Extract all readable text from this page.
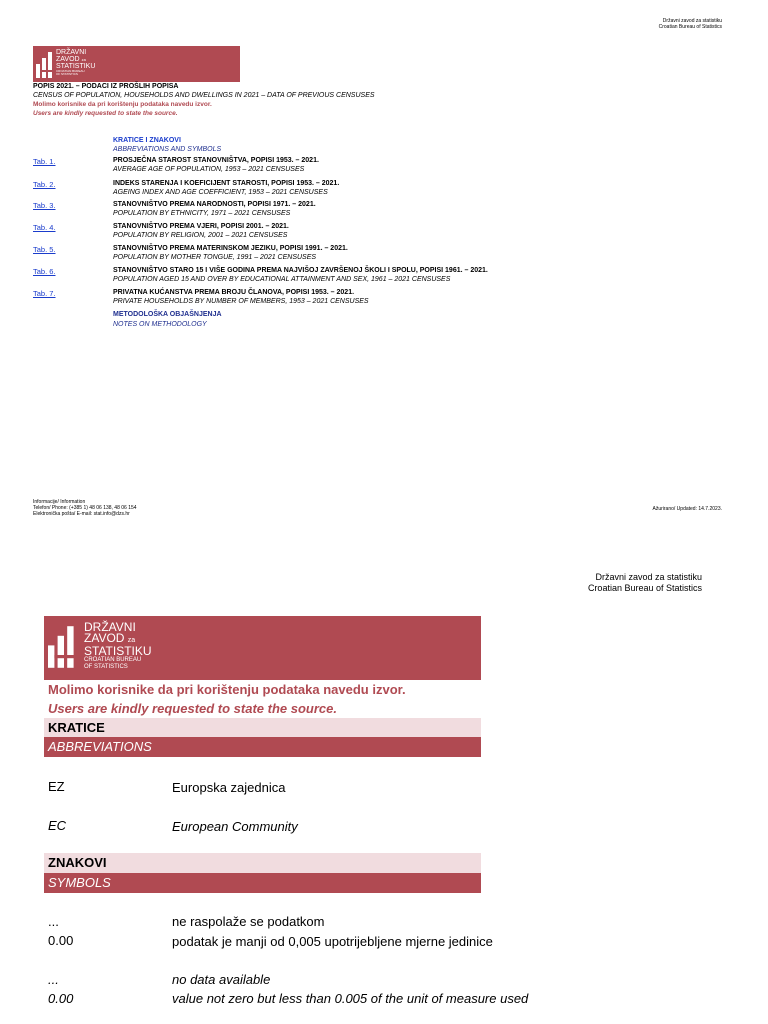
Državni zavod za statistiku
Croatian Bureau of Statistics
DRŽAVNI
ZAVOD za
STATISTIKU
CROATIAN BUREAU
OF STATISTICS
POPIS 2021. – PODACI IZ PROŠLIH POPISA
CENSUS OF POPULATION, HOUSEHOLDS AND DWELLINGS IN 2021 – DATA OF PREVIOUS CENSUSES
Molimo korisnike da pri korištenju podataka navedu izvor.
Users are kindly requested to state the source.
KRATICE I ZNAKOVI
ABBREVIATIONS AND SYMBOLS
Tab. 1.	PROSJEČNA STAROST STANOVNIŠTVA, POPISI 1953. – 2021.
AVERAGE AGE OF POPULATION, 1953 – 2021 CENSUSES
Tab. 2.	INDEKS STARENJA I KOEFICIJENT STAROSTI, POPISI 1953. – 2021.
AGEING INDEX AND AGE COEFFICIENT, 1953 – 2021 CENSUSES
Tab. 3.	STANOVNIŠTVO PREMA NARODNOSTI, POPISI 1971. – 2021.
POPULATION BY ETHNICITY, 1971 – 2021 CENSUSES
Tab. 4.	STANOVNIŠTVO PREMA VJERI, POPISI 2001. – 2021.
POPULATION BY RELIGION, 2001 – 2021 CENSUSES
Tab. 5.	STANOVNIŠTVO PREMA MATERINSKOM JEZIKU, POPISI 1991. – 2021.
POPULATION BY MOTHER TONGUE, 1991 – 2021 CENSUSES
Tab. 6.	STANOVNIŠTVO STARO 15 I VIŠE GODINA PREMA NAJVIŠOJ ZAVRŠENOJ ŠKOLI I SPOLU, POPISI 1961. – 2021.
POPULATION AGED 15 AND OVER BY EDUCATIONAL ATTAINMENT AND SEX, 1961 – 2021 CENSUSES
Tab. 7.	PRIVATNA KUĆANSTVA PREMA BROJU ČLANOVA, POPISI 1953. – 2021.
PRIVATE HOUSEHOLDS BY NUMBER OF MEMBERS, 1953 – 2021 CENSUSES
METODOLOŠKA OBJAŠNJENJA
NOTES ON METHODOLOGY
Informacije/ Information
Telefon/ Phone: (+385 1) 48 06 138, 48 06 154
Elektronička pošta/ E-mail: stat.info@dzs.hr
Ažurirano/ Updated: 14.7.2023.
Državni zavod za statistiku
Croatian Bureau of Statistics
DRŽAVNI
ZAVOD za
STATISTIKU
CROATIAN BUREAU
OF STATISTICS
Molimo korisnike da pri korištenju podataka navedu izvor.
Users are kindly requested to state the source.
KRATICE
ABBREVIATIONS
EZ	Europska zajednica
EC	European Community
ZNAKOVI
SYMBOLS
...	ne raspolaže se podatkom
0.00	podatak je manji od 0,005 upotrijebljene mjerne jedinice
...	no data available
0.00	value not zero but less than 0.005 of the unit of measure used
